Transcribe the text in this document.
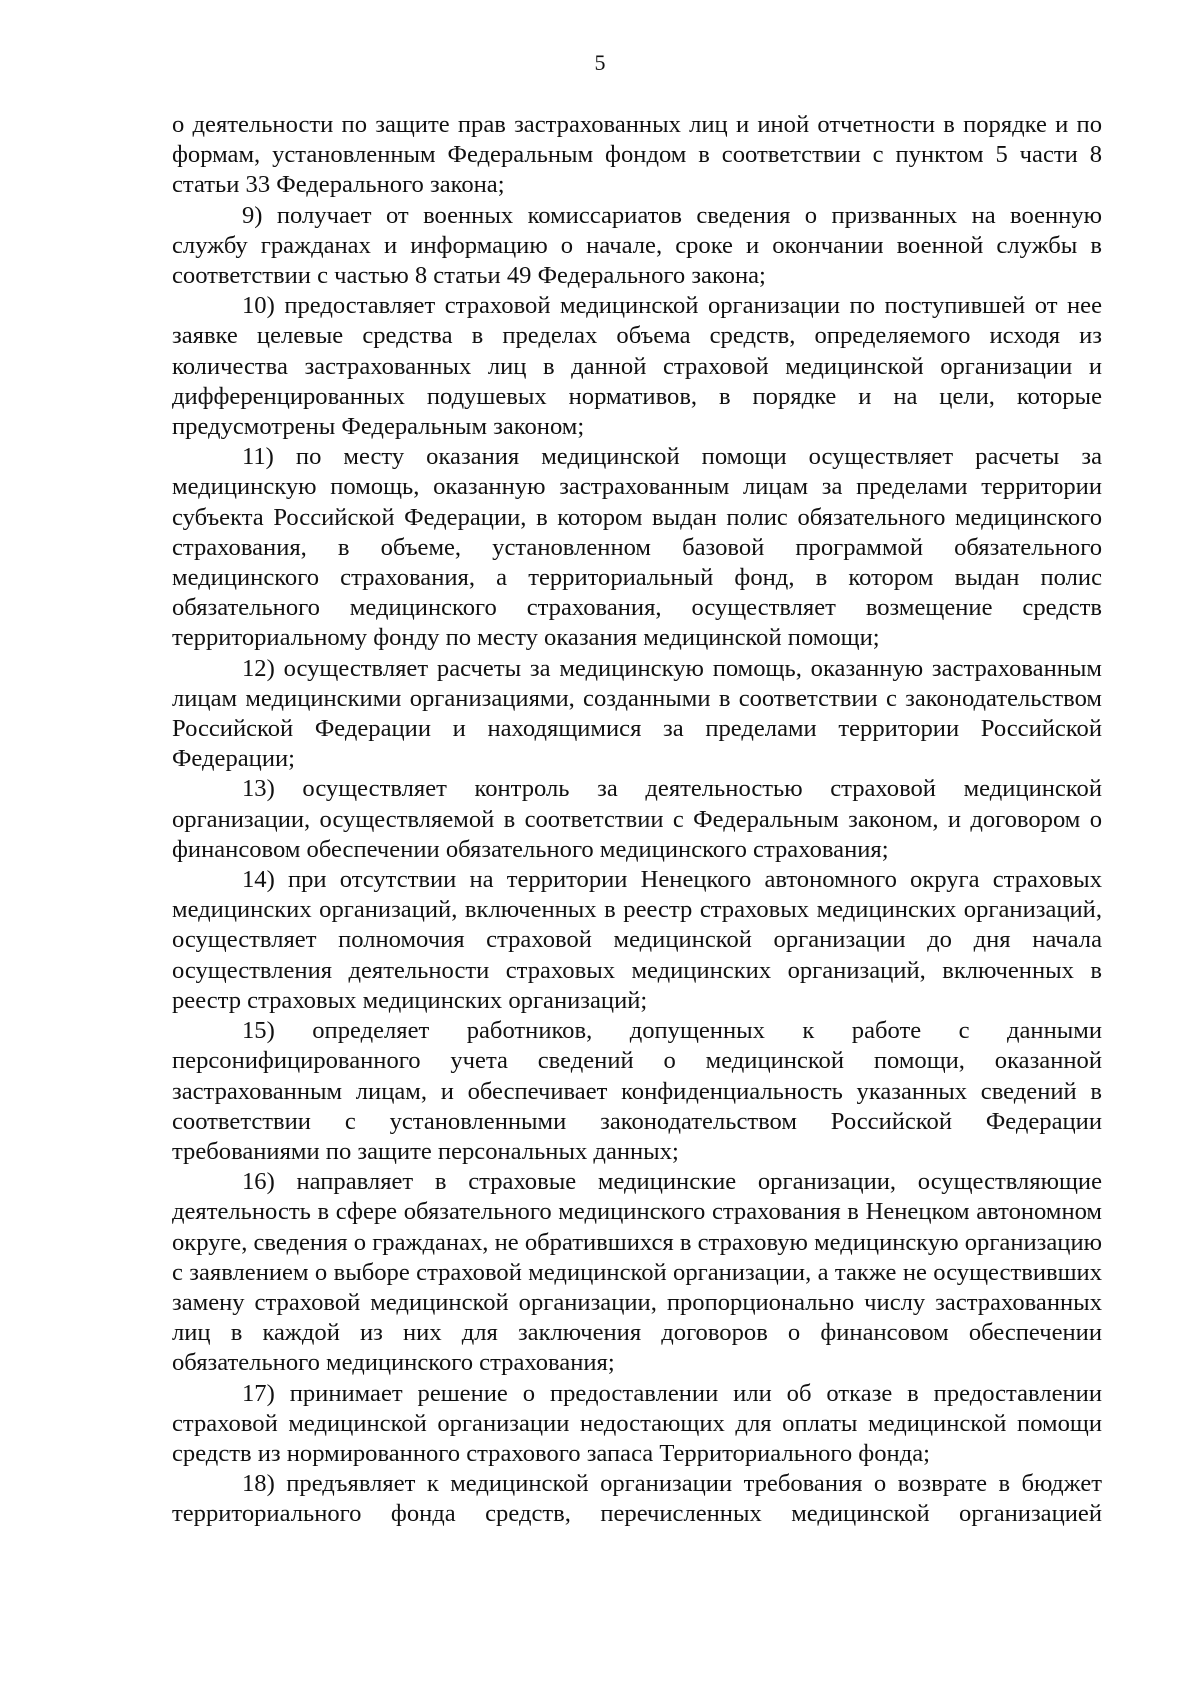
5

о деятельности по защите прав застрахованных лиц и иной отчетности в порядке и по формам, установленным Федеральным фондом в соответствии с пунктом 5 части 8 статьи 33 Федерального закона;

9) получает от военных комиссариатов сведения о призванных на военную службу гражданах и информацию о начале, сроке и окончании военной службы в соответствии с частью 8 статьи 49 Федерального закона;

10) предоставляет страховой медицинской организации по поступившей от нее заявке целевые средства в пределах объема средств, определяемого исходя из количества застрахованных лиц в данной страховой медицинской организации и дифференцированных подушевых нормативов, в порядке и на цели, которые предусмотрены Федеральным законом;

11) по месту оказания медицинской помощи осуществляет расчеты за медицинскую помощь, оказанную застрахованным лицам за пределами территории субъекта Российской Федерации, в котором выдан полис обязательного медицинского страхования, в объеме, установленном базовой программой обязательного медицинского страхования, а территориальный фонд, в котором выдан полис обязательного медицинского страхования, осуществляет возмещение средств территориальному фонду по месту оказания медицинской помощи;

12) осуществляет расчеты за медицинскую помощь, оказанную застрахованным лицам медицинскими организациями, созданными в соответствии с законодательством Российской Федерации и находящимися за пределами территории Российской Федерации;

13) осуществляет контроль за деятельностью страховой медицинской организации, осуществляемой в соответствии с Федеральным законом, и договором о финансовом обеспечении обязательного медицинского страхования;

14) при отсутствии на территории Ненецкого автономного округа страховых медицинских организаций, включенных в реестр страховых медицинских организаций, осуществляет полномочия страховой медицинской организации до дня начала осуществления деятельности страховых медицинских организаций, включенных в реестр страховых медицинских организаций;

15) определяет работников, допущенных к работе с данными персонифицированного учета сведений о медицинской помощи, оказанной застрахованным лицам, и обеспечивает конфиденциальность указанных сведений в соответствии с установленными законодательством Российской Федерации требованиями по защите персональных данных;

16) направляет в страховые медицинские организации, осуществляющие деятельность в сфере обязательного медицинского страхования в Ненецком автономном округе, сведения о гражданах, не обратившихся в страховую медицинскую организацию с заявлением о выборе страховой медицинской организации, а также не осуществивших замену страховой медицинской организации, пропорционально числу застрахованных лиц в каждой из них для заключения договоров о финансовом обеспечении обязательного медицинского страхования;

17) принимает решение о предоставлении или об отказе в предоставлении страховой медицинской организации недостающих для оплаты медицинской помощи средств из нормированного страхового запаса Территориального фонда;

18) предъявляет к медицинской организации требования о возврате в бюджет территориального фонда средств, перечисленных медицинской организацией
